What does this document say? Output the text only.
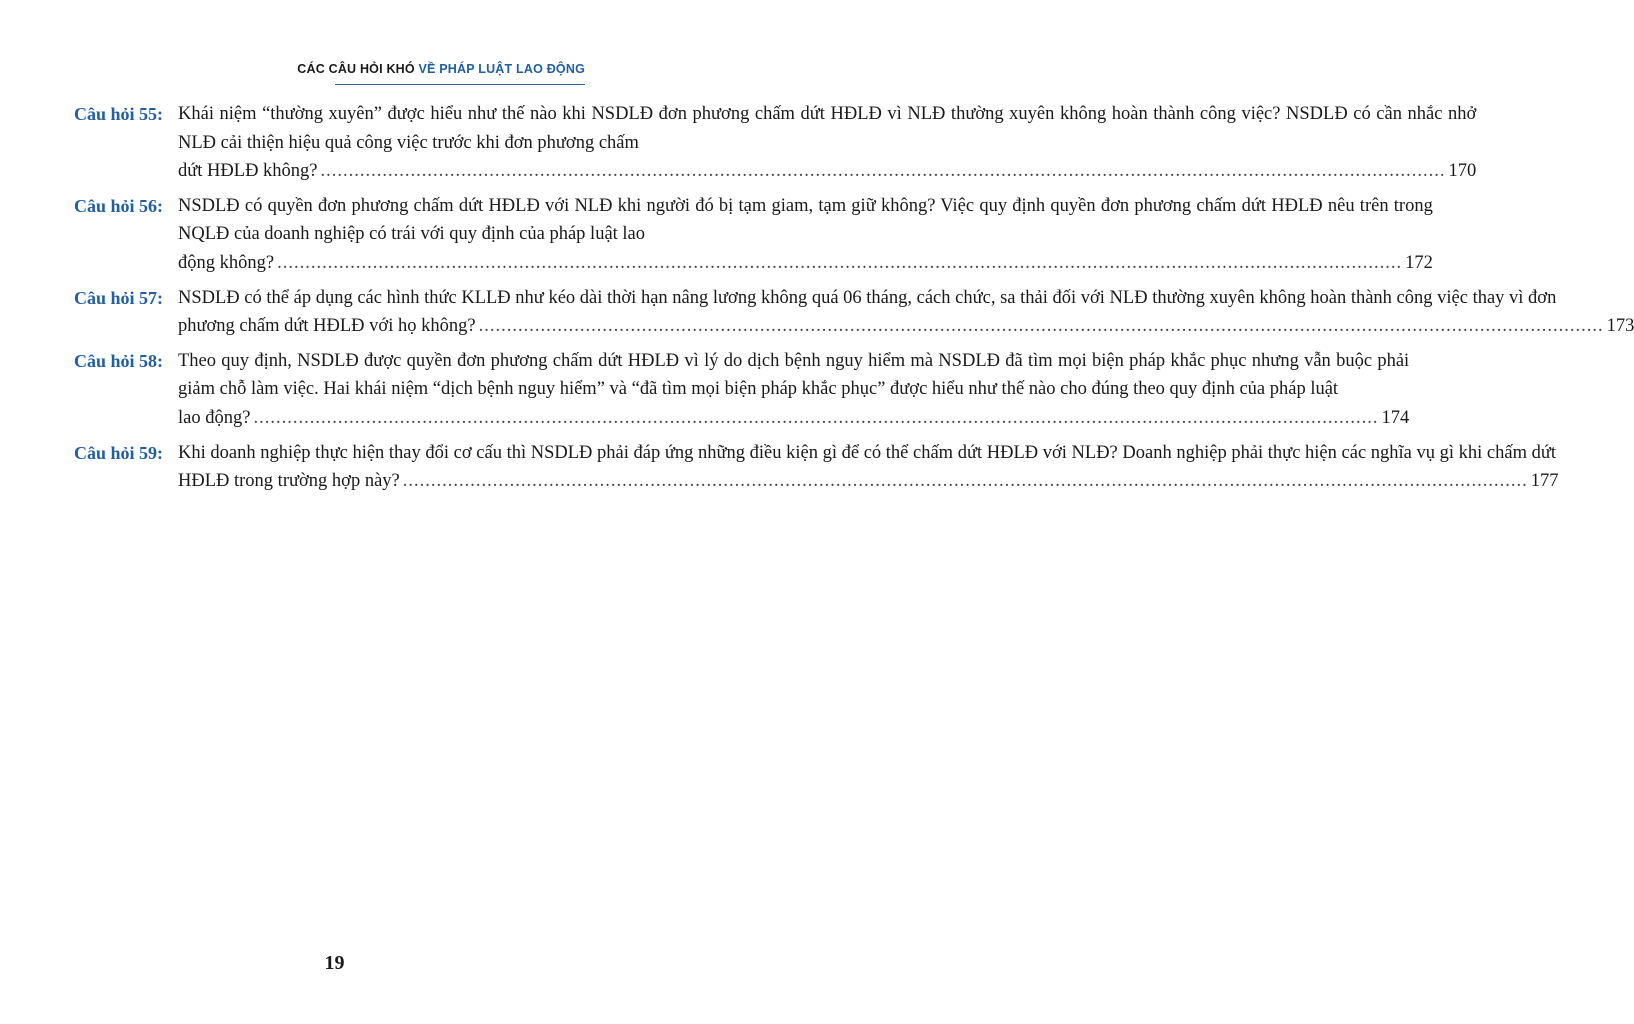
CÁC CÂU HỎI KHÓ VỀ PHÁP LUẬT LAO ĐỘNG
Câu hỏi 55: Khái niệm “thường xuyên” được hiểu như thế nào khi NSDLĐ đơn phương chấm dứt HĐLĐ vì NLĐ thường xuyên không hoàn thành công việc? NSDLĐ có cần nhắc nhở NLĐ cải thiện hiệu quả công việc trước khi đơn phương chấm
dứt HĐLĐ không? .....	170
Câu hỏi 56: NSDLĐ có quyền đơn phương chấm dứt HĐLĐ với NLĐ khi người đó bị tạm giam, tạm giữ không? Việc quy định quyền đơn phương chấm dứt HĐLĐ nêu trên trong NQLĐ của doanh nghiệp có trái với quy định của pháp luật lao
động không? .....	172
Câu hỏi 57: NSDLĐ có thể áp dụng các hình thức KLLĐ như kéo dài thời hạn nâng lương không quá 06 tháng, cách chức, sa thải đối với NLĐ thường xuyên không hoàn thành công việc thay vì đơn
phương chấm dứt HĐLĐ với họ không? .....	173
Câu hỏi 58: Theo quy định, NSDLĐ được quyền đơn phương chấm dứt HĐLĐ vì lý do dịch bệnh nguy hiểm mà NSDLĐ đã tìm mọi biện pháp khắc phục nhưng vẫn buộc phải giảm chỗ làm việc. Hai khái niệm “dịch bệnh nguy hiểm” và “đã tìm mọi biện pháp khắc phục” được hiểu như thế nào cho đúng theo quy định của pháp luật
lao động? .....	174
Câu hỏi 59: Khi doanh nghiệp thực hiện thay đổi cơ cấu thì NSDLĐ phải đáp ứng những điều kiện gì để có thể chấm dứt HĐLĐ với NLĐ? Doanh nghiệp phải thực hiện các nghĩa vụ gì khi chấm dứt
HĐLĐ trong trường hợp này? .....	177
19
